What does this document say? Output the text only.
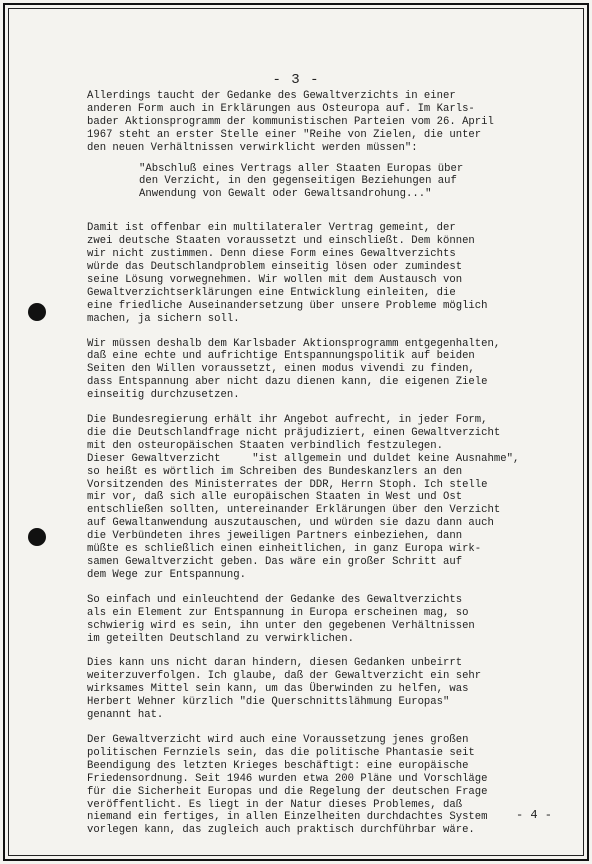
- 3 -
Allerdings taucht der Gedanke des Gewaltverzichts in einer
anderen Form auch in Erklärungen aus Osteuropa auf. Im Karls-
bader Aktionsprogramm der kommunistischen Parteien vom 26. April
1967 steht an erster Stelle einer "Reihe von Zielen, die unter
den neuen Verhältnissen verwirklicht werden müssen":
"Abschluß eines Vertrags aller Staaten Europas über
den Verzicht, in den gegenseitigen Beziehungen auf
Anwendung von Gewalt oder Gewaltsandrohung..."
Damit ist offenbar ein multilateraler Vertrag gemeint, der
zwei deutsche Staaten voraussetzt und einschließt. Dem können
wir nicht zustimmen. Denn diese Form eines Gewaltverzichts
würde das Deutschlandproblem einseitig lösen oder zumindest
seine Lösung vorwegnehmen. Wir wollen mit dem Austausch von
Gewaltverzichtserklärungen eine Entwicklung einleiten, die
eine friedliche Auseinandersetzung über unsere Probleme möglich
machen, ja sichern soll.
Wir müssen deshalb dem Karlsbader Aktionsprogramm entgegenhalten,
daß eine echte und aufrichtige Entspannungspolitik auf beiden
Seiten den Willen voraussetzt, einen modus vivendi zu finden,
dass Entspannung aber nicht dazu dienen kann, die eigenen Ziele
einseitig durchzusetzen.
Die Bundesregierung erhält ihr Angebot aufrecht, in jeder Form,
die die Deutschlandfrage nicht präjudiziert, einen Gewaltverzicht
mit den osteuropäischen Staaten verbindlich festzulegen.
Dieser Gewaltverzicht     "ist allgemein und duldet keine Ausnahme",
so heißt es wörtlich im Schreiben des Bundeskanzlers an den
Vorsitzenden des Ministerrates der DDR, Herrn Stoph. Ich stelle
mir vor, daß sich alle europäischen Staaten in West und Ost
entschließen sollten, untereinander Erklärungen über den Verzicht
auf Gewaltanwendung auszutauschen, und würden sie dazu dann auch
die Verbündeten ihres jeweiligen Partners einbeziehen, dann
müßte es schließlich einen einheitlichen, in ganz Europa wirk-
samen Gewaltverzicht geben. Das wäre ein großer Schritt auf
dem Wege zur Entspannung.
So einfach und einleuchtend der Gedanke des Gewaltverzichts
als ein Element zur Entspannung in Europa erscheinen mag, so
schwierig wird es sein, ihn unter den gegebenen Verhältnissen
im geteilten Deutschland zu verwirklichen.
Dies kann uns nicht daran hindern, diesen Gedanken unbeirrt
weiterzuverfolgen. Ich glaube, daß der Gewaltverzicht ein sehr
wirksames Mittel sein kann, um das Überwinden zu helfen, was
Herbert Wehner kürzlich "die Querschnittslähmung Europas"
genannt hat.
Der Gewaltverzicht wird auch eine Voraussetzung jenes großen
politischen Fernziels sein, das die politische Phantasie seit
Beendigung des letzten Krieges beschäftigt: eine europäische
Friedensordnung. Seit 1946 wurden etwa 200 Pläne und Vorschläge
für die Sicherheit Europas und die Regelung der deutschen Frage
veröffentlicht. Es liegt in der Natur dieses Problemes, daß
niemand ein fertiges, in allen Einzelheiten durchdachtes System
vorlegen kann, das zugleich auch praktisch durchführbar wäre.
- 4 -
